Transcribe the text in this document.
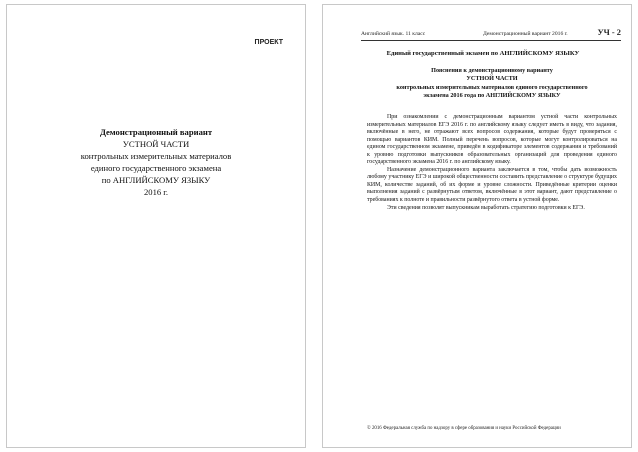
ПРОЕКТ
Демонстрационный вариант
УСТНОЙ ЧАСТИ
контрольных измерительных материалов
единого государственного экзамена
по АНГЛИЙСКОМУ ЯЗЫКУ
2016 г.
Английский язык. 11 класс	Демонстрационный вариант 2016 г.	УЧ - 2
Единый государственный экзамен по АНГЛИЙСКОМУ ЯЗЫКУ
Пояснения к демонстрационному варианту
УСТНОЙ ЧАСТИ
контрольных измерительных материалов единого государственного
экзамена 2016 года по АНГЛИЙСКОМУ ЯЗЫКУ

При ознакомлении с демонстрационным вариантом устной части контрольных измерительных материалов ЕГЭ 2016 г. по английскому языку следует иметь в виду, что задания, включённые в него, не отражают всех вопросов содержания, которые будут проверяться с помощью вариантов КИМ. Полный перечень вопросов, которые могут контролироваться на едином государственном экзамене, приведён в кодификаторе элементов содержания и требований к уровню подготовки выпускников образовательных организаций для проведения единого государственного экзамена 2016 г. по английскому языку.

Назначение демонстрационного варианта заключается в том, чтобы дать возможность любому участнику ЕГЭ и широкой общественности составить представление о структуре будущих КИМ, количестве заданий, об их форме и уровне сложности. Приведённые критерии оценки выполнения заданий с развёрнутым ответом, включённые в этот вариант, дают представление о требованиях к полноте и правильности развёрнутого ответа в устной форме.

Эти сведения позволят выпускникам выработать стратегию подготовки к ЕГЭ.

© 2016 Федеральная служба по надзору в сфере образования и науки Российской Федерации
